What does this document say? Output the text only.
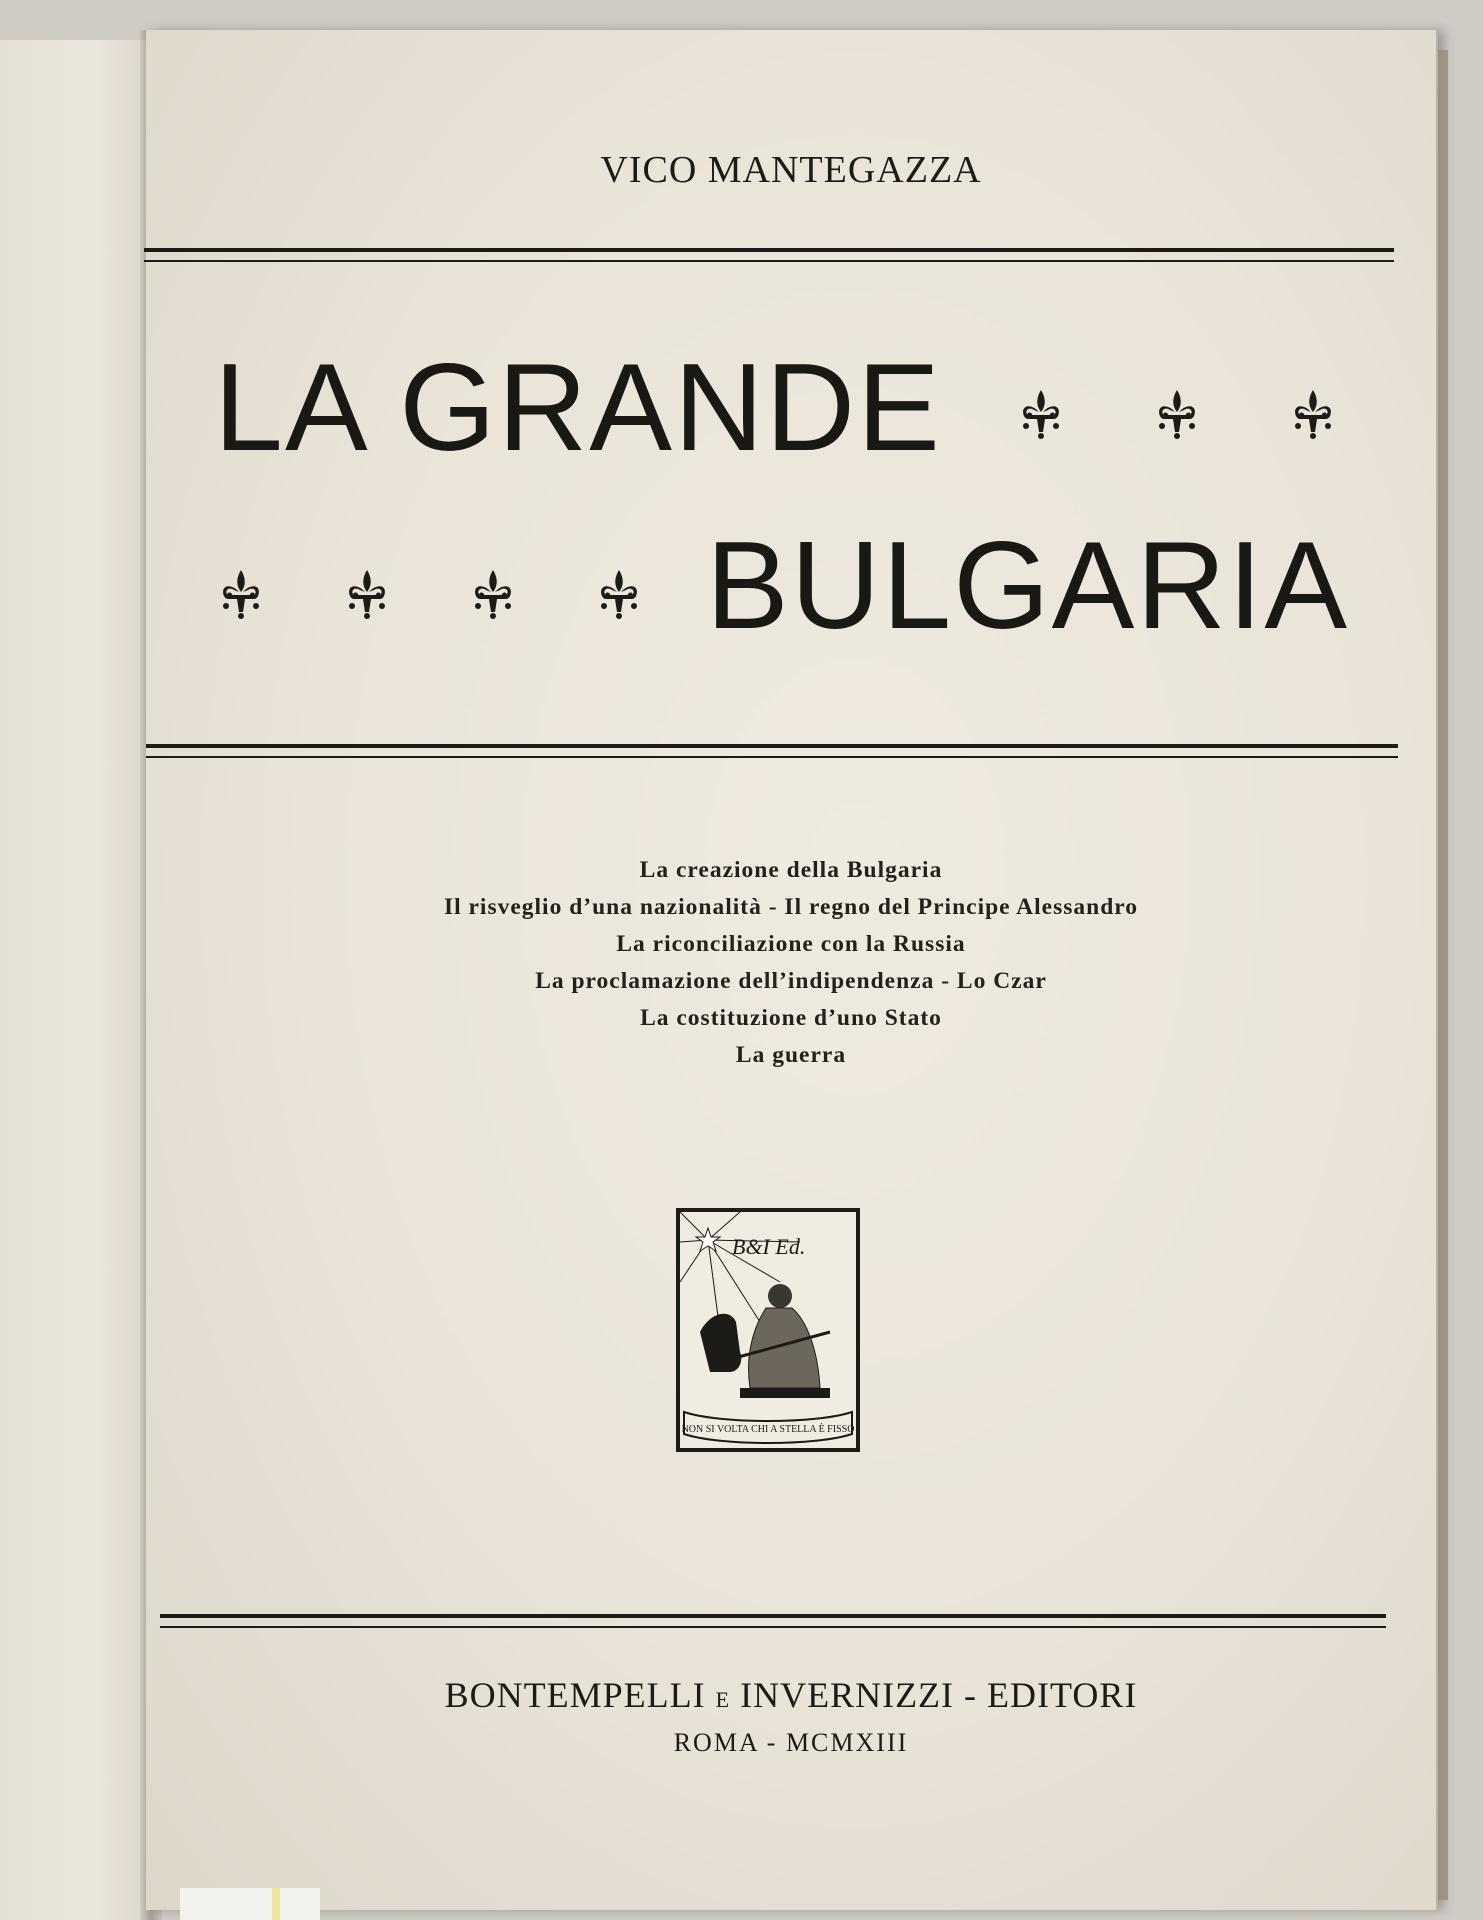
VICO MANTEGAZZA
LA GRANDE
BULGARIA
La creazione della Bulgaria
Il risveglio d’una nazionalità - Il regno del Principe Alessandro
La riconciliazione con la Russia
La proclamazione dell’indipendenza - Lo Czar
La costituzione d’uno Stato
La guerra
B&I Ed.
NON SI VOLTA CHI A STELLA È FISSO
BONTEMPELLI E INVERNIZZI - EDITORI
ROMA - MCMXIII
